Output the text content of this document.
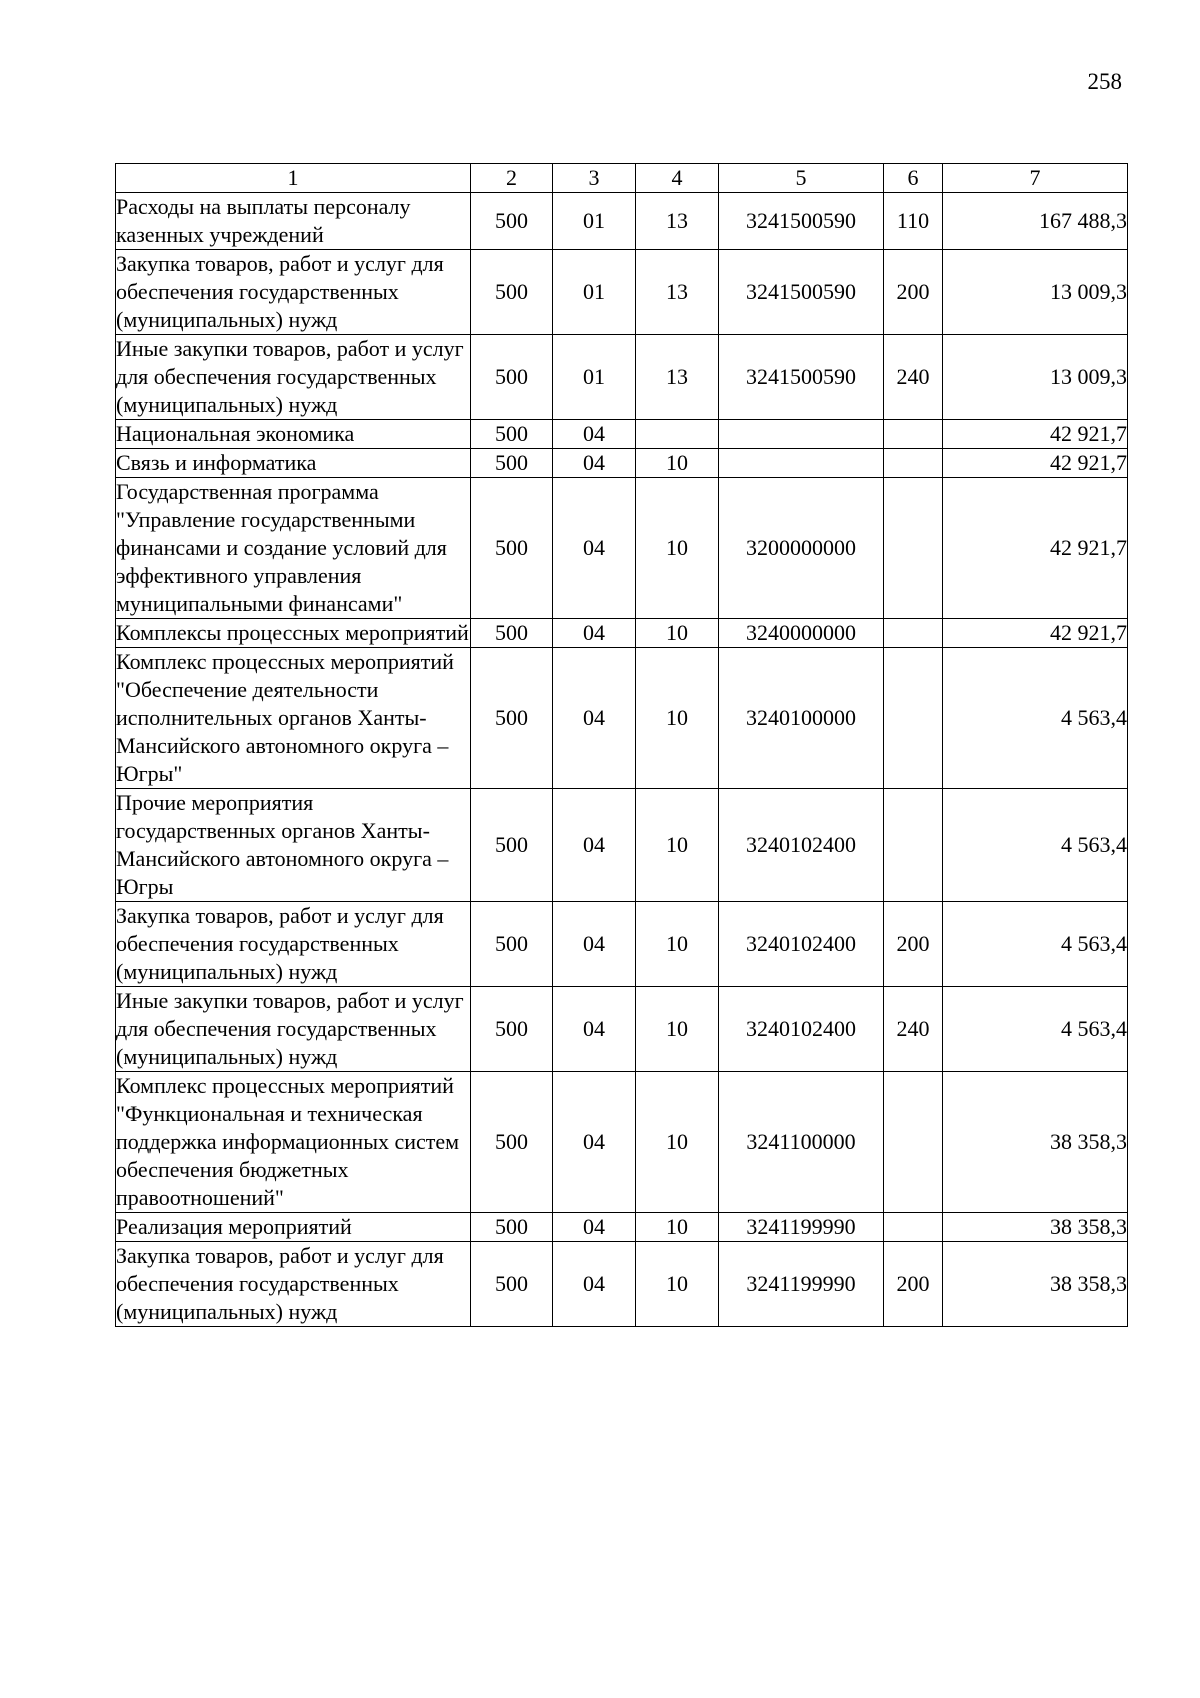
258
1	2	3	4	5	6	7
Расходы на выплаты персоналу казенных учреждений	500	01	13	3241500590	110	167 488,3
Закупка товаров, работ и услуг для обеспечения государственных (муниципальных) нужд	500	01	13	3241500590	200	13 009,3
Иные закупки товаров, работ и услуг для обеспечения государственных (муниципальных) нужд	500	01	13	3241500590	240	13 009,3
Национальная экономика	500	04				42 921,7
Связь и информатика	500	04	10			42 921,7
Государственная программа "Управление государственными финансами и создание условий для эффективного управления муниципальными финансами"	500	04	10	3200000000		42 921,7
Комплексы процессных мероприятий	500	04	10	3240000000		42 921,7
Комплекс процессных мероприятий "Обеспечение деятельности исполнительных органов Ханты-Мансийского автономного округа – Югры"	500	04	10	3240100000		4 563,4
Прочие мероприятия государственных органов Ханты-Мансийского автономного округа – Югры	500	04	10	3240102400		4 563,4
Закупка товаров, работ и услуг для обеспечения государственных (муниципальных) нужд	500	04	10	3240102400	200	4 563,4
Иные закупки товаров, работ и услуг для обеспечения государственных (муниципальных) нужд	500	04	10	3240102400	240	4 563,4
Комплекс процессных мероприятий "Функциональная и техническая поддержка информационных систем обеспечения бюджетных правоотношений"	500	04	10	3241100000		38 358,3
Реализация мероприятий	500	04	10	3241199990		38 358,3
Закупка товаров, работ и услуг для обеспечения государственных (муниципальных) нужд	500	04	10	3241199990	200	38 358,3
